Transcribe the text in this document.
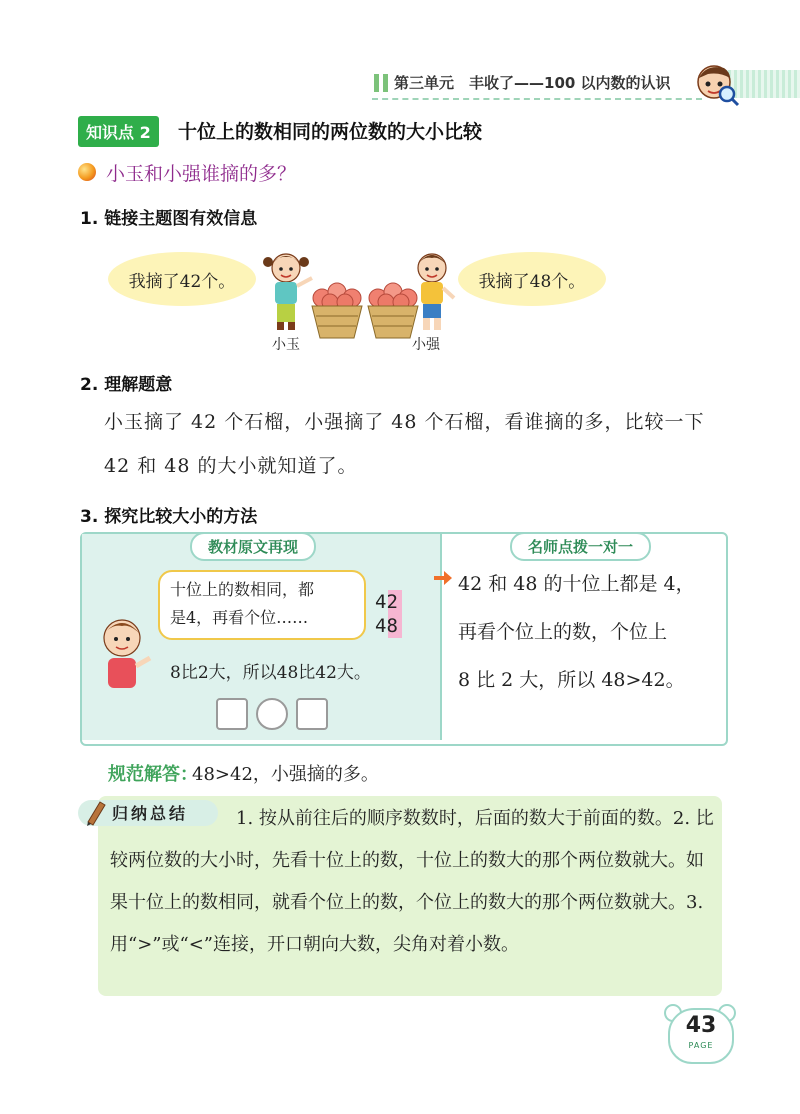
第三单元　丰收了——100 以内数的认识
知识点 2	十位上的数相同的两位数的大小比较
小玉和小强谁摘的多？
1. 链接主题图有效信息
我摘了42个。	我摘了48个。
小玉	小强
2. 理解题意
小玉摘了 42 个石榴，小强摘了 48 个石榴，看谁摘的多，比较一下 42 和 48 的大小就知道了。
3. 探究比较大小的方法
教材原文再现	名师点拨一对一
十位上的数相同，都
是4，再看个位……
42
48
8比2大，所以48比42大。
42 和 48 的十位上都是 4，
再看个位上的数，个位上
8 比 2 大，所以 48>42。
规范解答：
48>42，小强摘的多。
归纳总结	1. 按从前往后的顺序数数时，后面的数大于前面的数。2. 比较两位数的大小时，先看十位上的数，十位上的数大的那个两位数就大。如果十位上的数相同，就看个位上的数，个位上的数大的那个两位数就大。3. 用“>”或“<”连接，开口朝向大数，尖角对着小数。
43
PAGE
